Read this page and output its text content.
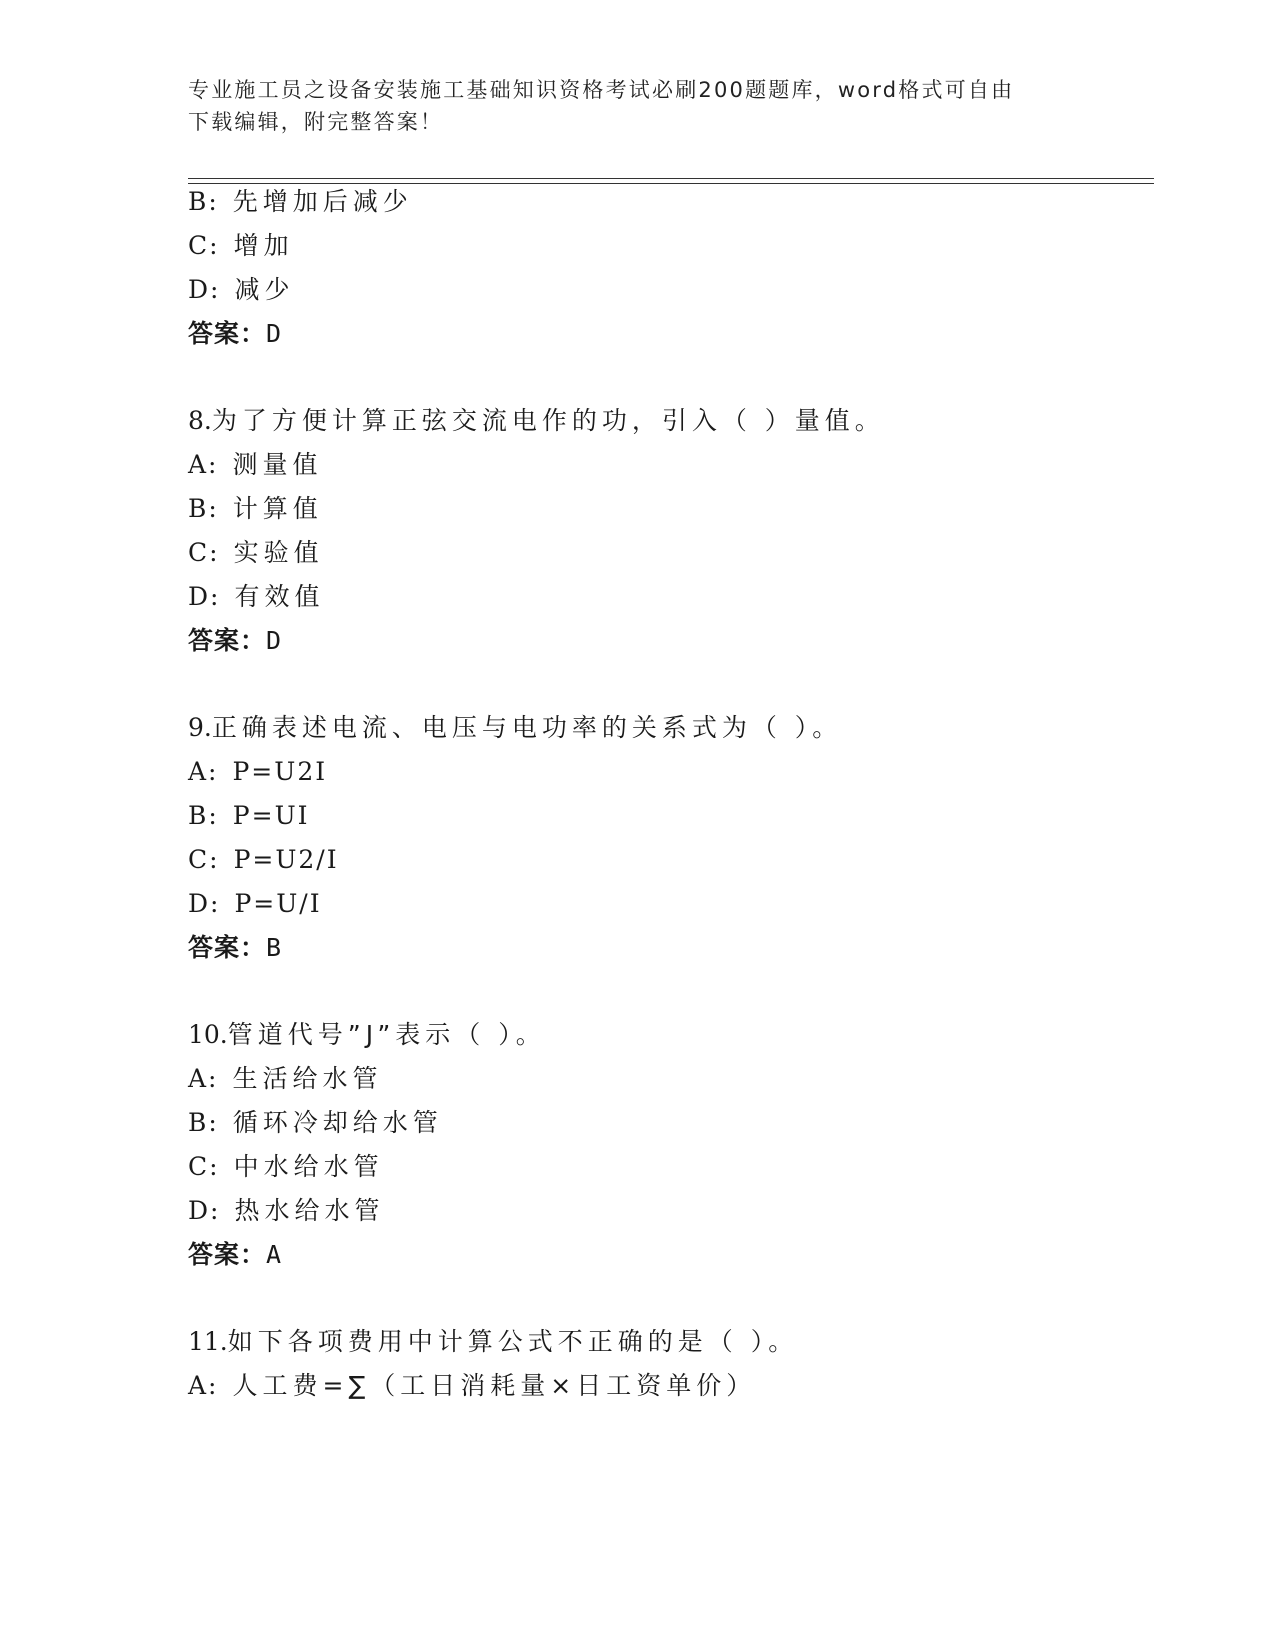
专业施工员之设备安装施工基础知识资格考试必刷200题题库，word格式可自由
下载编辑，附完整答案！
B: 先增加后减少
C: 增加
D: 减少
答案：D
8.为了方便计算正弦交流电作的功，引入（ ）量值。
A: 测量值
B: 计算值
C: 实验值
D: 有效值
答案：D
9.正确表述电流、电压与电功率的关系式为（ ）。
A: P=U2I
B: P=UI
C: P=U2/I
D: P=U/I
答案：B
10.管道代号”J”表示（ ）。
A: 生活给水管
B: 循环冷却给水管
C: 中水给水管
D: 热水给水管
答案：A
11.如下各项费用中计算公式不正确的是（ ）。
A: 人工费=∑（工日消耗量×日工资单价）
